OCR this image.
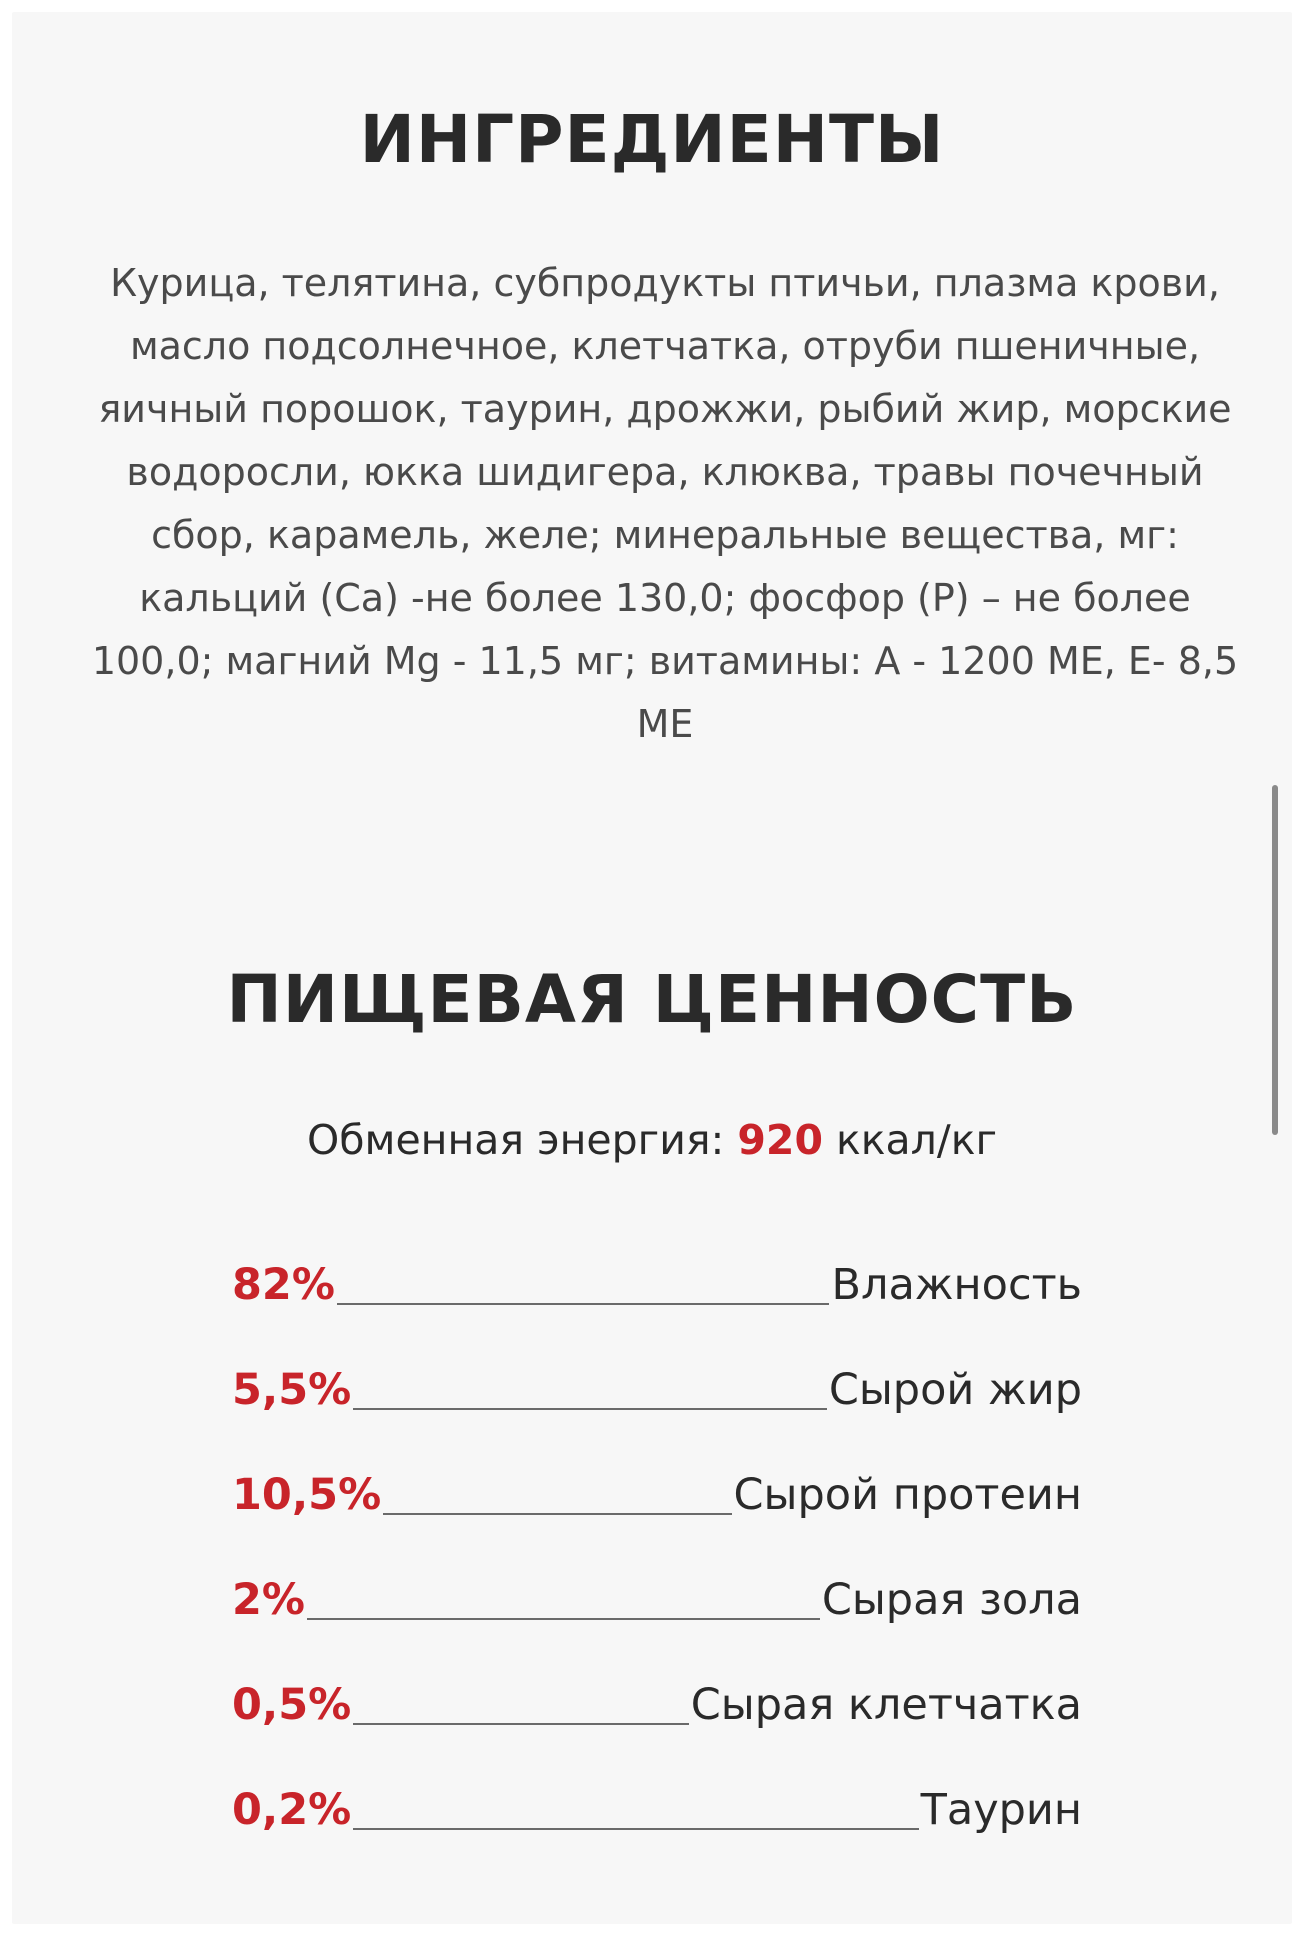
ИНГРЕДИЕНТЫ

Курица, телятина, субпродукты птичьи, плазма крови, масло подсолнечное, клетчатка, отруби пшеничные, яичный порошок, таурин, дрожжи, рыбий жир, морские водоросли, юкка шидигера, клюква, травы почечный сбор, карамель, желе; минеральные вещества, мг: кальций (Са) -не более 130,0; фосфор (Р) – не более 100,0; магний Mg - 11,5 мг; витамины: А - 1200 МЕ, Е- 8,5 МЕ

ПИЩЕВАЯ ЦЕННОСТЬ
Обменная энергия: 920 ккал/кг
82%	Влажность
5,5%	Сырой жир
10,5%	Сырой протеин
2%	Сырая зола
0,5%	Сырая клетчатка
0,2%	Таурин
